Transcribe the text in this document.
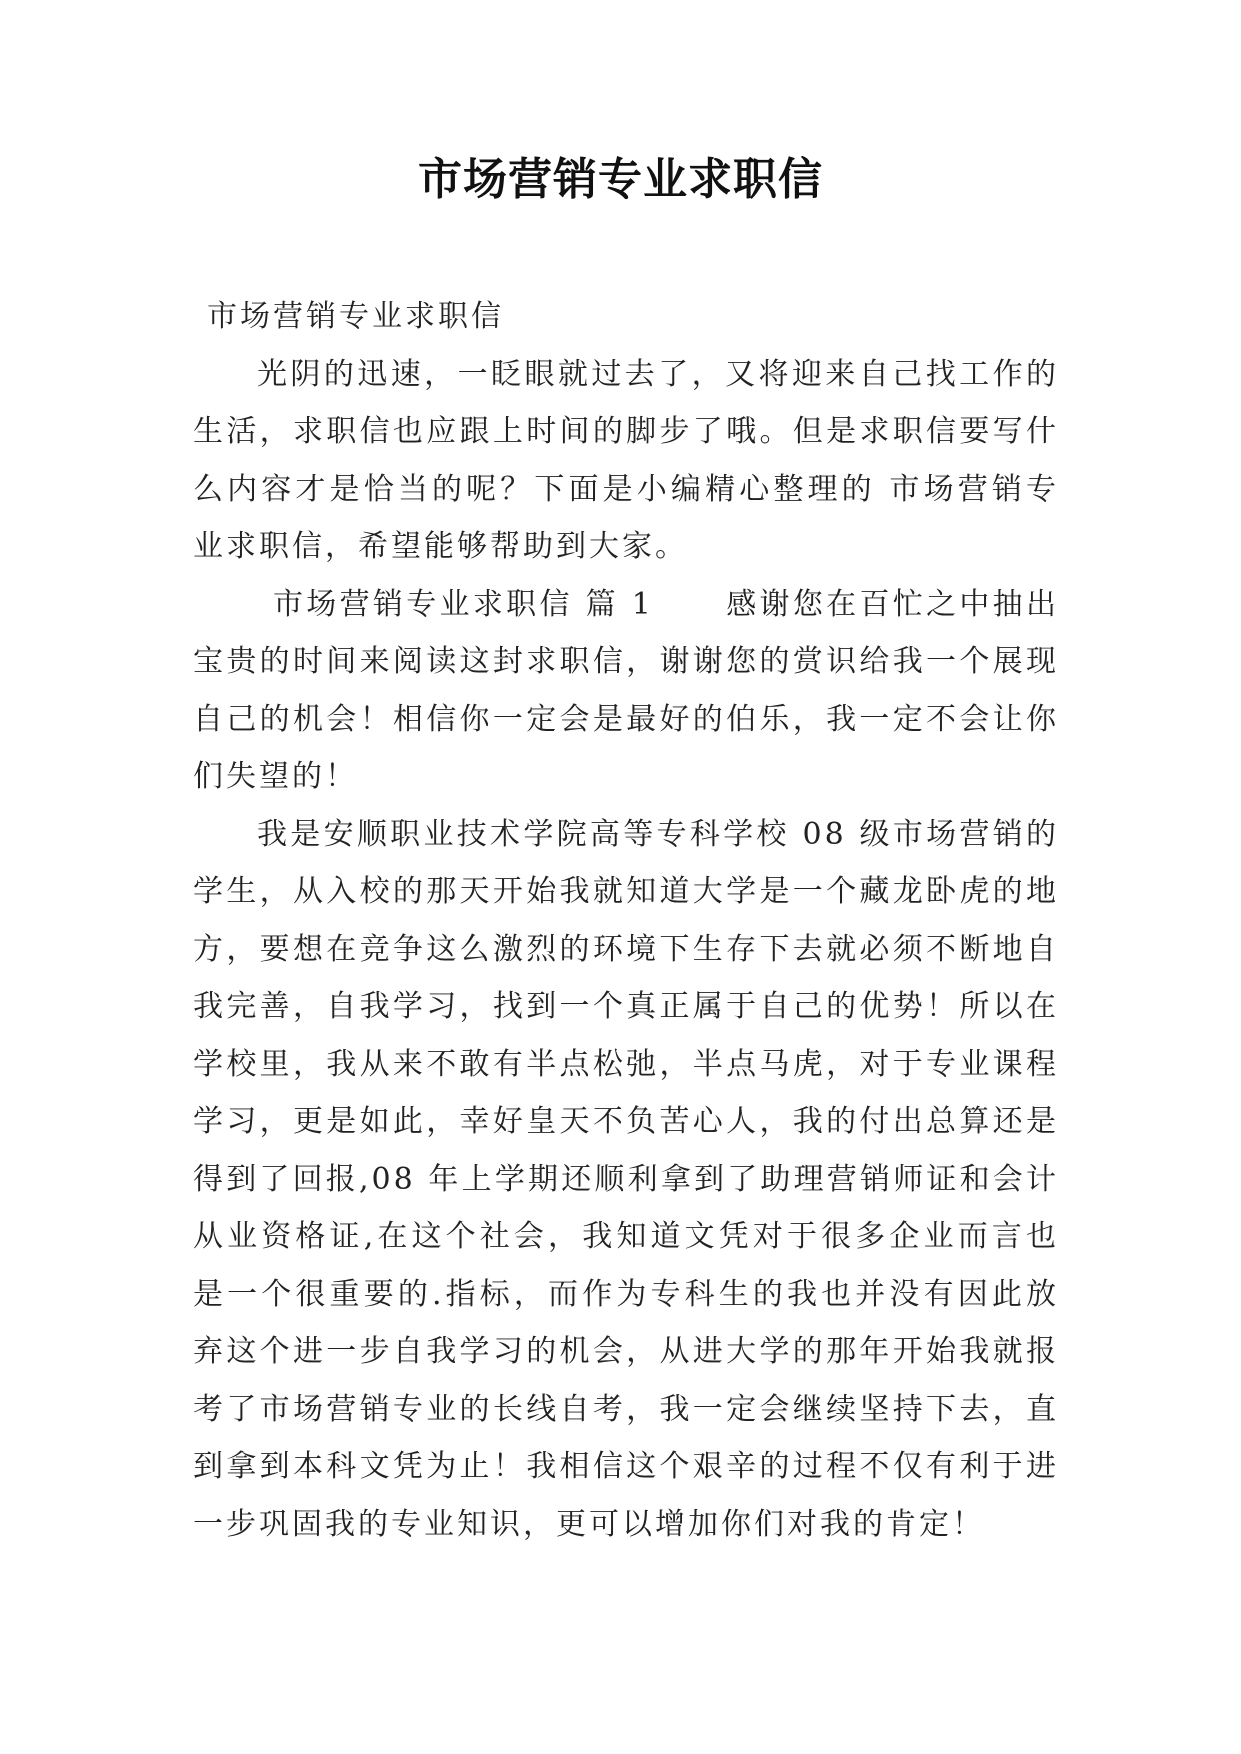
市场营销专业求职信

市场营销专业求职信

光阴的迅速，一眨眼就过去了，又将迎来自己找工作的生活，求职信也应跟上时间的脚步了哦。但是求职信要写什么内容才是恰当的呢？下面是小编精心整理的 市场营销专业求职信，希望能够帮助到大家。

市场营销专业求职信 篇 1 感谢您在百忙之中抽出宝贵的时间来阅读这封求职信，谢谢您的赏识给我一个展现自己的机会！相信你一定会是最好的伯乐，我一定不会让你们失望的！

我是安顺职业技术学院高等专科学校 08 级市场营销的学生，从入校的那天开始我就知道大学是一个藏龙卧虎的地方，要想在竞争这么激烈的环境下生存下去就必须不断地自我完善，自我学习，找到一个真正属于自己的优势！所以在学校里，我从来不敢有半点松弛，半点马虎，对于专业课程学习，更是如此，幸好皇天不负苦心人，我的付出总算还是得到了回报,08 年上学期还顺利拿到了助理营销师证和会计从业资格证,在这个社会，我知道文凭对于很多企业而言也是一个很重要的.指标，而作为专科生的我也并没有因此放弃这个进一步自我学习的机会，从进大学的那年开始我就报考了市场营销专业的长线自考，我一定会继续坚持下去，直到拿到本科文凭为止！我相信这个艰辛的过程不仅有利于进一步巩固我的专业知识，更可以增加你们对我的肯定！
